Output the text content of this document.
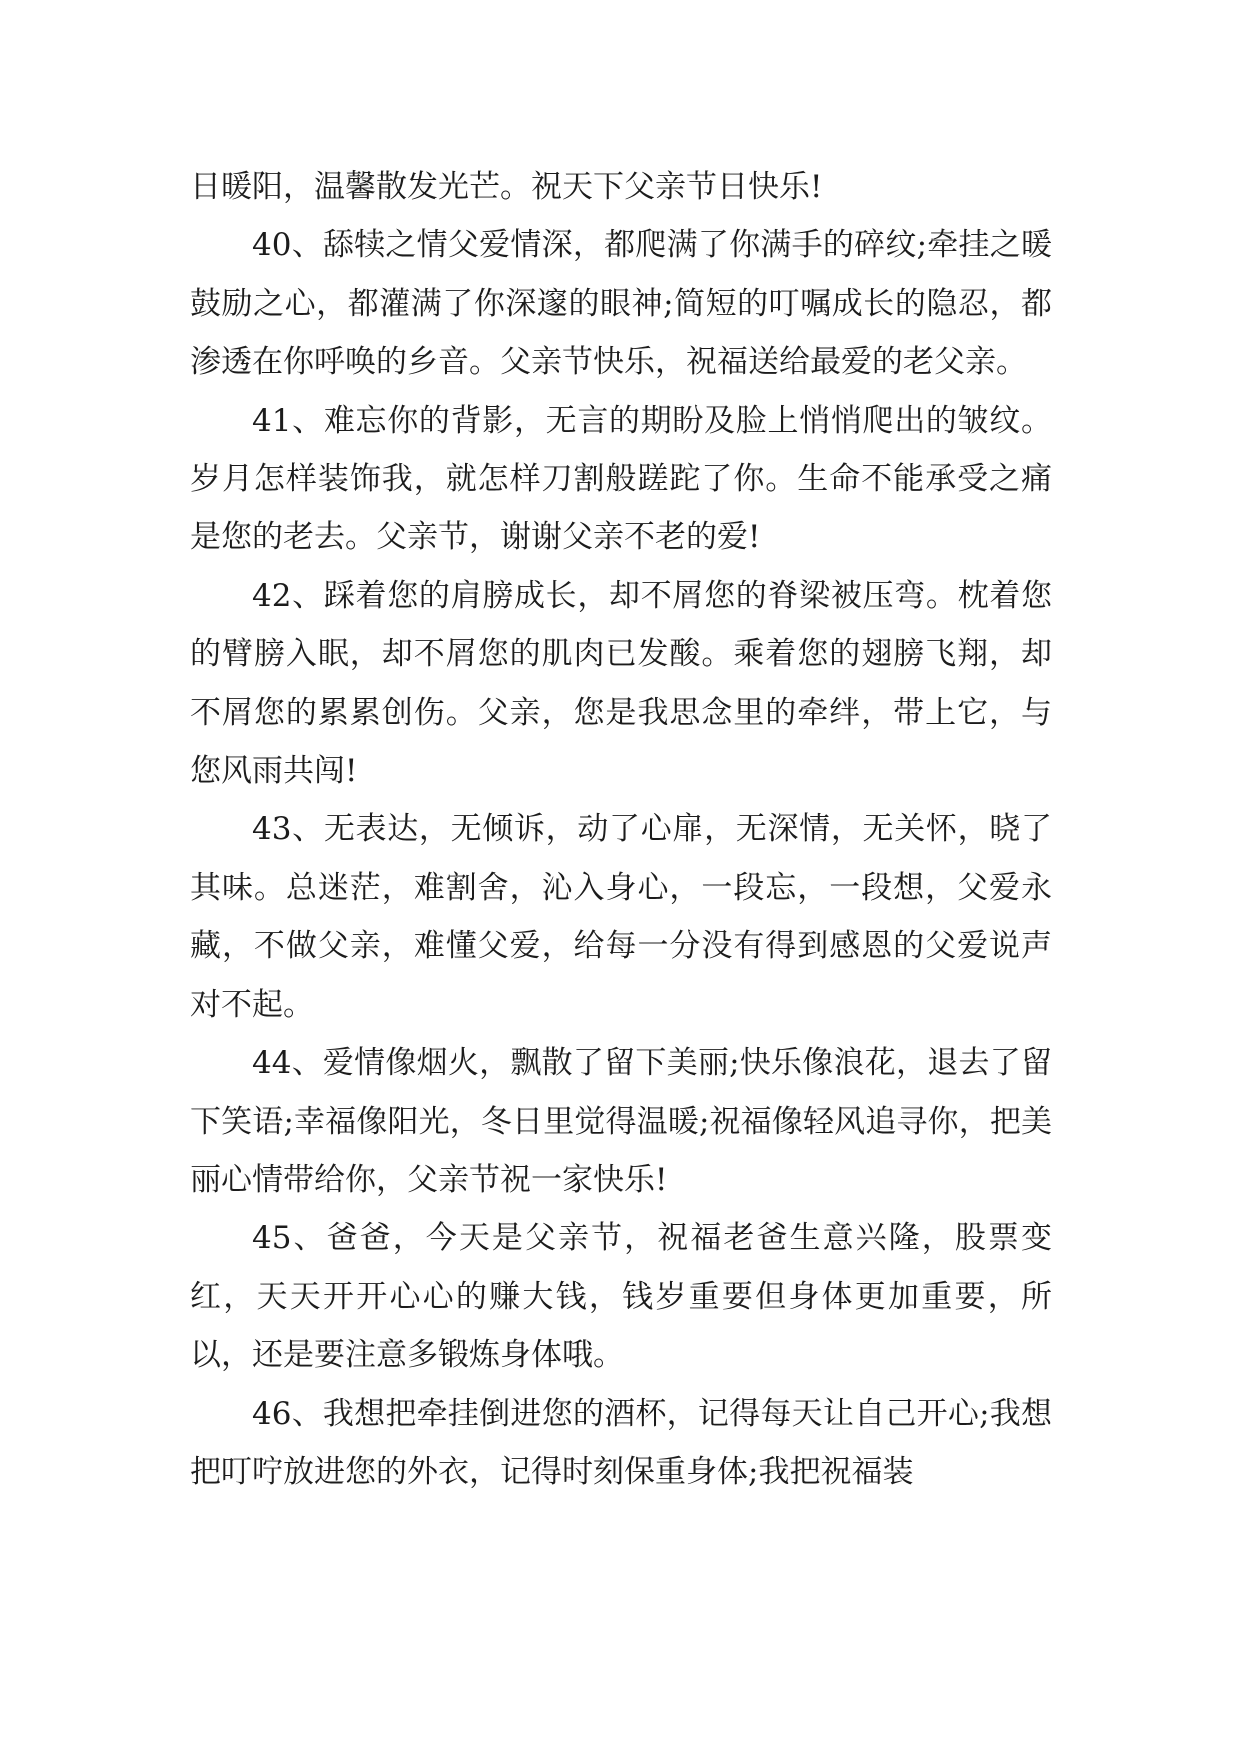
日暖阳，温馨散发光芒。祝天下父亲节日快乐!

40、舔犊之情父爱情深，都爬满了你满手的碎纹;牵挂之暖鼓励之心，都灌满了你深邃的眼神;简短的叮嘱成长的隐忍，都渗透在你呼唤的乡音。父亲节快乐，祝福送给最爱的老父亲。

41、难忘你的背影，无言的期盼及脸上悄悄爬出的皱纹。岁月怎样装饰我，就怎样刀割般蹉跎了你。生命不能承受之痛是您的老去。父亲节，谢谢父亲不老的爱!

42、踩着您的肩膀成长，却不屑您的脊梁被压弯。枕着您的臂膀入眠，却不屑您的肌肉已发酸。乘着您的翅膀飞翔，却不屑您的累累创伤。父亲，您是我思念里的牵绊，带上它，与您风雨共闯!

43、无表达，无倾诉，动了心扉，无深情，无关怀，晓了其味。总迷茫，难割舍，沁入身心，一段忘，一段想，父爱永藏，不做父亲，难懂父爱，给每一分没有得到感恩的父爱说声对不起。

44、爱情像烟火，飘散了留下美丽;快乐像浪花，退去了留下笑语;幸福像阳光，冬日里觉得温暖;祝福像轻风追寻你，把美丽心情带给你，父亲节祝一家快乐!

45、爸爸，今天是父亲节，祝福老爸生意兴隆，股票变红，天天开开心心的赚大钱，钱岁重要但身体更加重要，所以，还是要注意多锻炼身体哦。

46、我想把牵挂倒进您的酒杯，记得每天让自己开心;我想把叮咛放进您的外衣，记得时刻保重身体;我把祝福装
